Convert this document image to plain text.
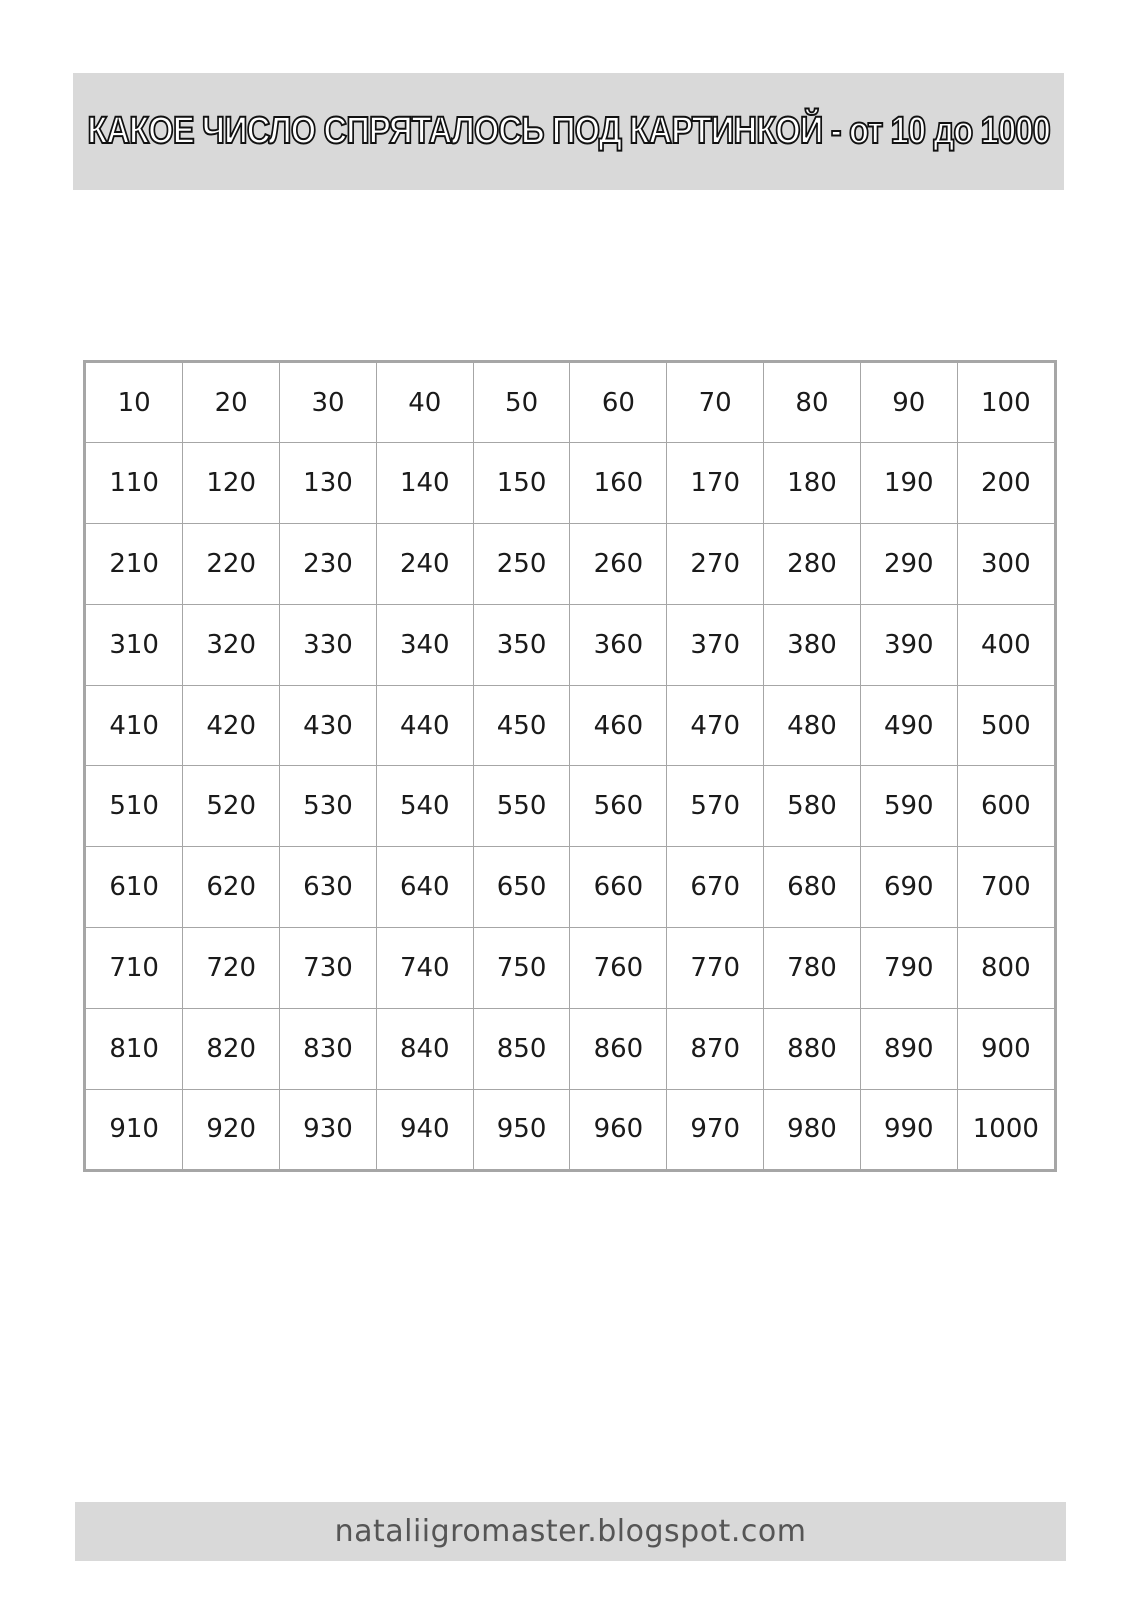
КАКОЕ ЧИСЛО СПРЯТАЛОСЬ ПОД КАРТИНКОЙ - от 10 до 1000
10	20	30	40	50	60	70	80	90	100
110	120	130	140	150	160	170	180	190	200
210	220	230	240	250	260	270	280	290	300
310	320	330	340	350	360	370	380	390	400
410	420	430	440	450	460	470	480	490	500
510	520	530	540	550	560	570	580	590	600
610	620	630	640	650	660	670	680	690	700
710	720	730	740	750	760	770	780	790	800
810	820	830	840	850	860	870	880	890	900
910	920	930	940	950	960	970	980	990	1000
nataliigromaster.blogspot.com
